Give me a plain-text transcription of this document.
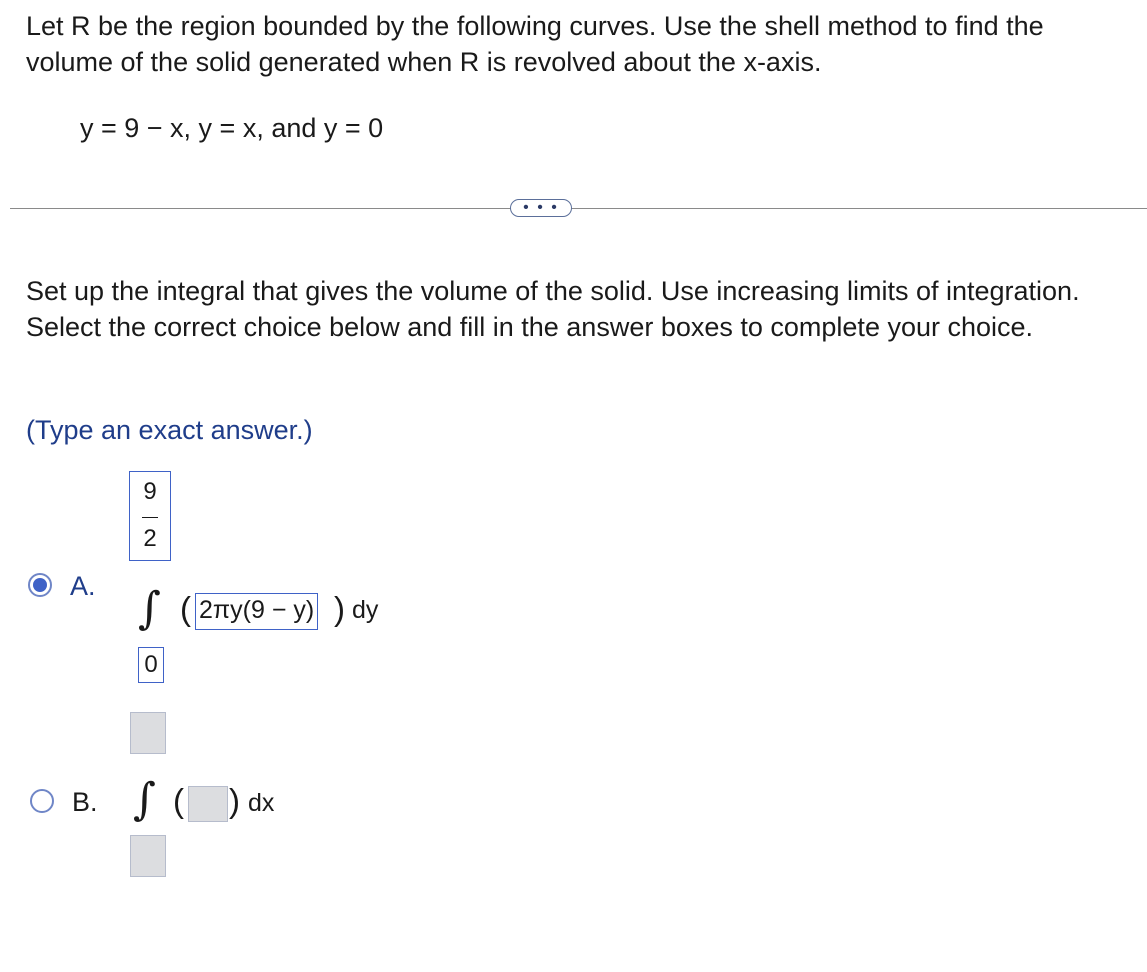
Let R be the region bounded by the following curves. Use the shell method to find the volume of the solid generated when R is revolved about the x-axis.

y = 9 − x, y = x, and y = 0
• • •

Set up the integral that gives the volume of the solid. Use increasing limits of integration. Select the correct choice below and fill in the answer boxes to complete your choice.

(Type an exact answer.)
A.
9
2
∫
0
( 2πy(9 − y) ) dy
B. ∫ ( ) dx
